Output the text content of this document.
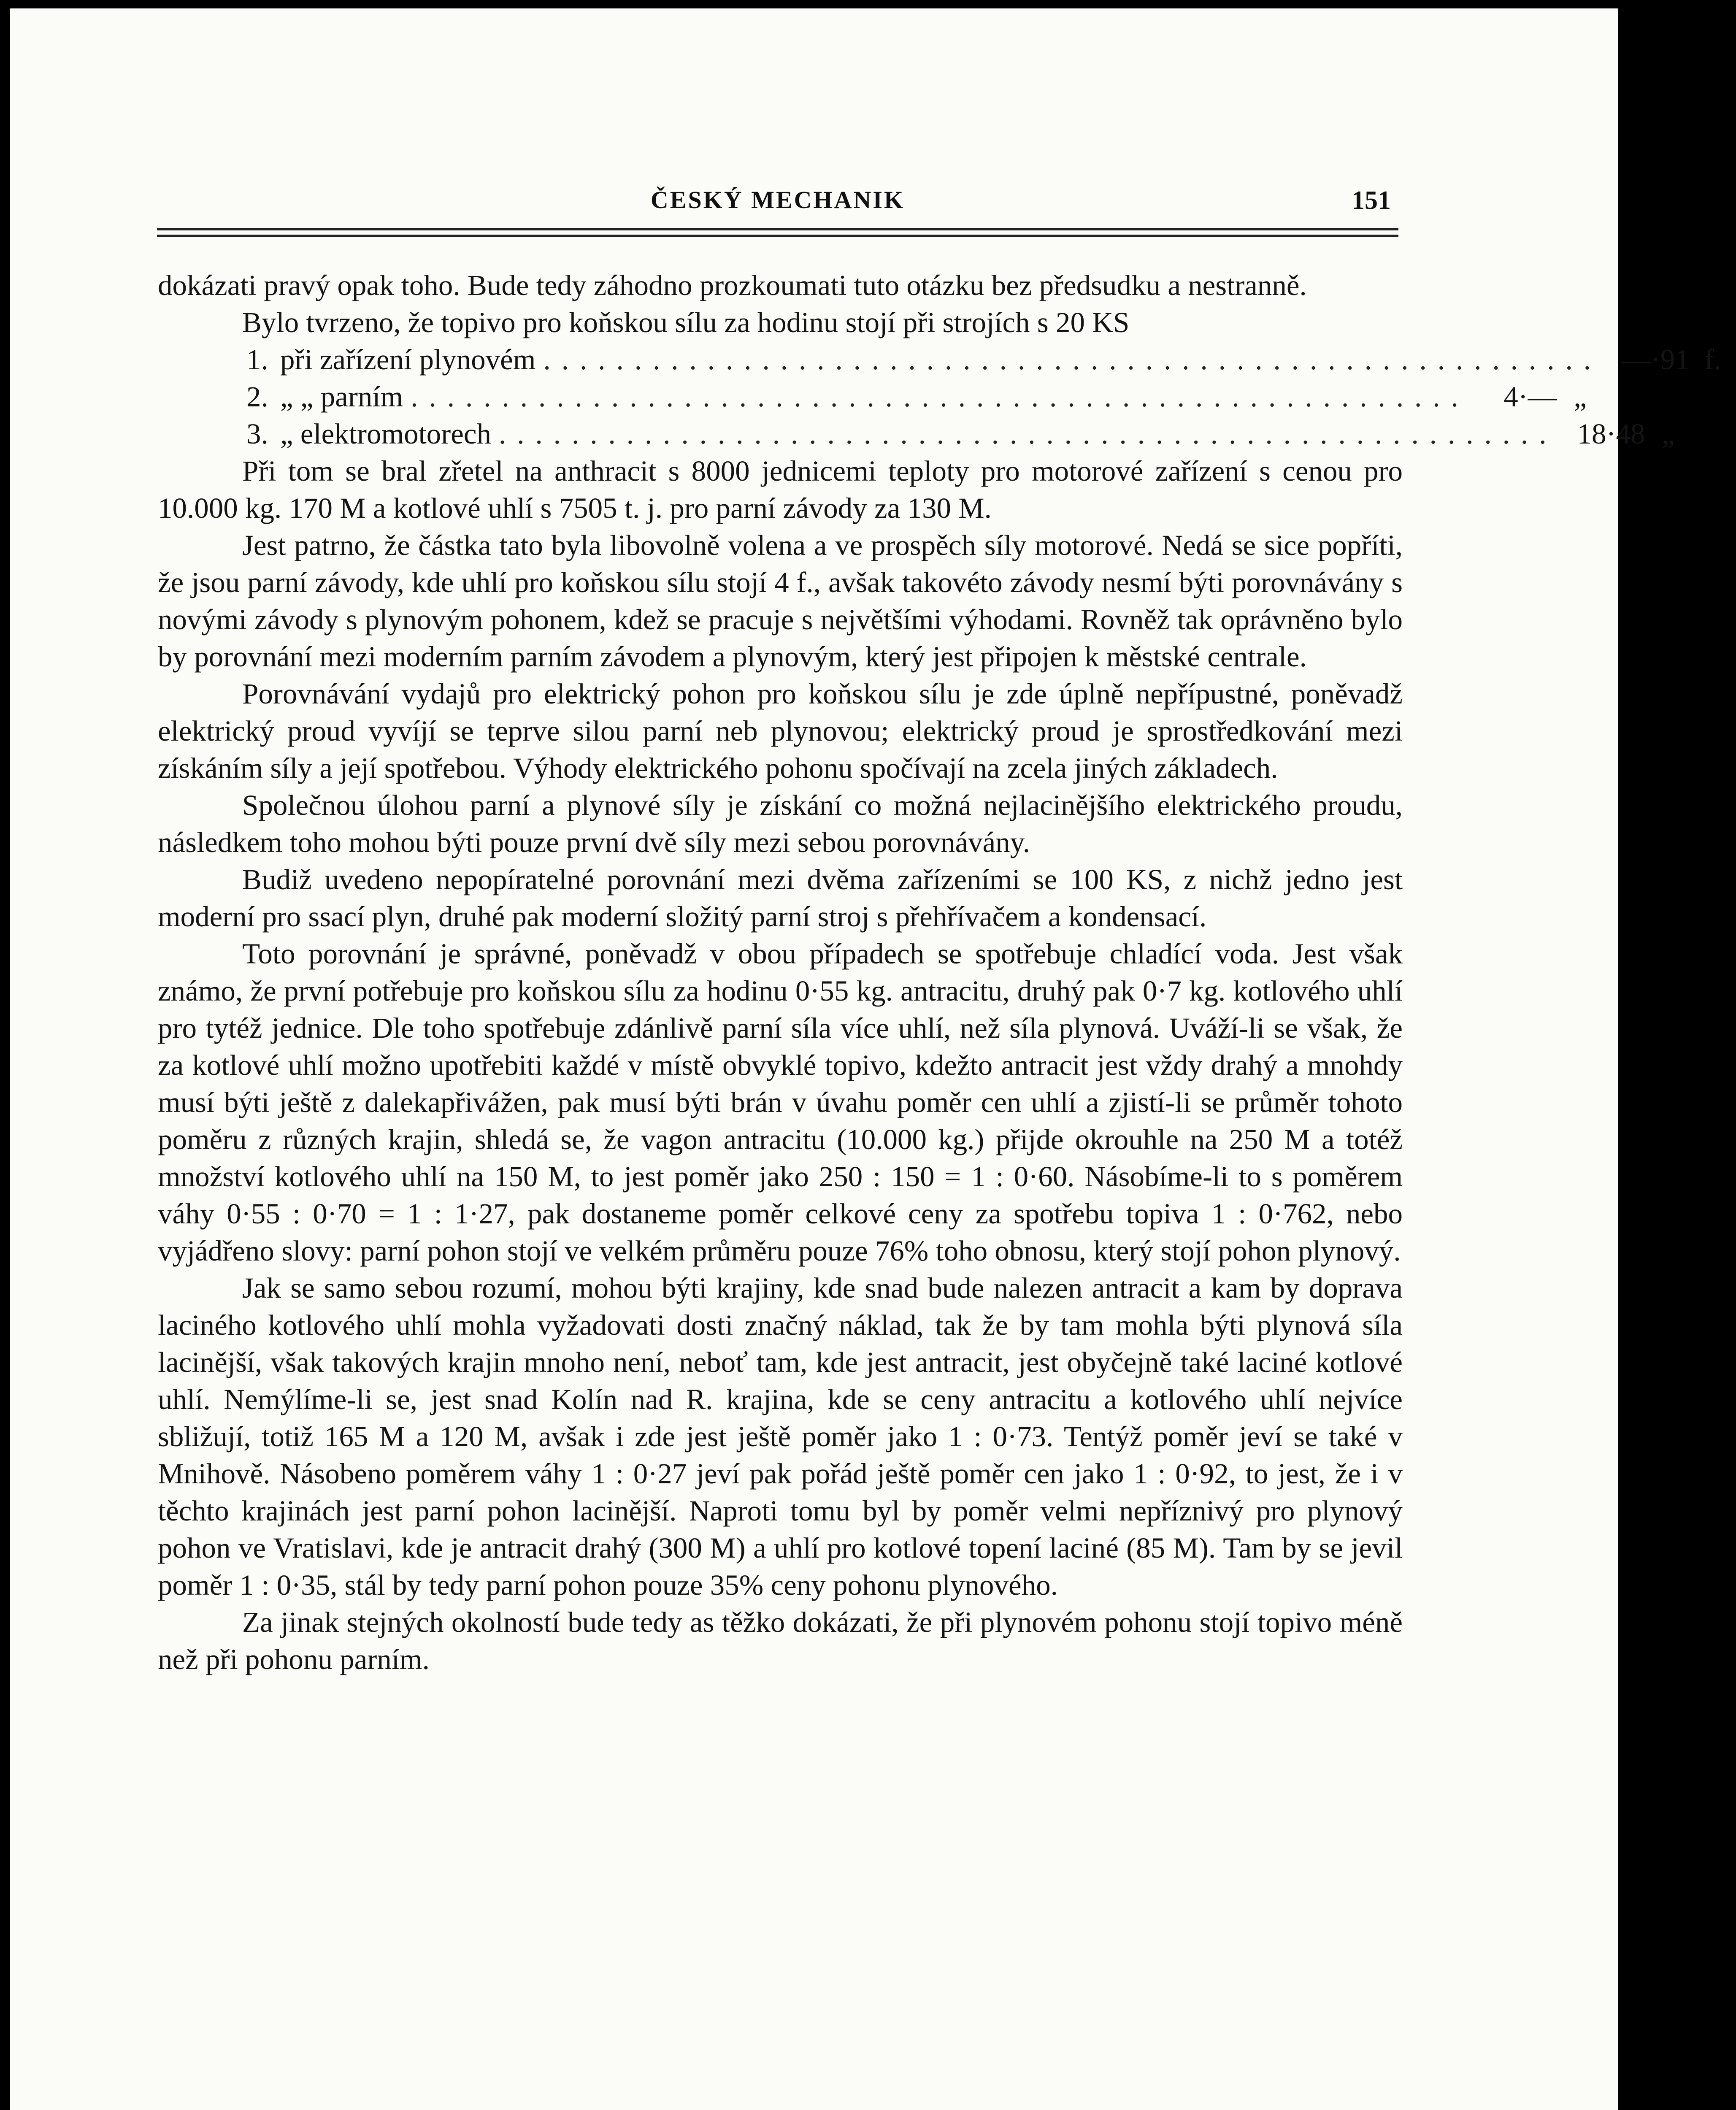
ČESKÝ MECHANIK	151

dokázati pravý opak toho. Bude tedy záhodno prozkoumati tuto otázku bez předsudku a nestranně.

Bylo tvrzeno, že topivo pro koňskou sílu za hodinu stojí při strojích s 20 KS

1. při zařízení plynovém .......................................................... —·91 f.
2. „ „ parním ..........................................................	4·— „
3. „ elektromotorech .......................................................... 18·48 „

Při tom se bral zřetel na anthracit s 8000 jednicemi teploty pro motorové zařízení s cenou pro 10.000 kg. 170 M a kotlové uhlí s 7505 t. j. pro parní závody za 130 M.

Jest patrno, že částka tato byla libovolně volena a ve prospěch síly motorové. Nedá se sice popříti, že jsou parní závody, kde uhlí pro koňskou sílu stojí 4 f., avšak takovéto závody nesmí býti porovnávány s novými závody s plynovým pohonem, kdež se pracuje s největšími výhodami. Rovněž tak oprávněno bylo by porovnání mezi moderním parním závodem a plynovým, který jest připojen k městské centrale.

Porovnávání vydajů pro elektrický pohon pro koňskou sílu je zde úplně nepřípustné, poněvadž elektrický proud vyvíjí se teprve silou parní neb plynovou; elektrický proud je sprostředkování mezi získáním síly a její spotřebou. Výhody elektrického pohonu spočívají na zcela jiných základech.

Společnou úlohou parní a plynové síly je získání co možná nejlacinějšího elektrického proudu, následkem toho mohou býti pouze první dvě síly mezi sebou porovnávány.

Budiž uvedeno nepopíratelné porovnání mezi dvěma zařízeními se 100 KS, z nichž jedno jest moderní pro ssací plyn, druhé pak moderní složitý parní stroj s přehřívačem a kondensací.

Toto porovnání je správné, poněvadž v obou případech se spotřebuje chladící voda. Jest však známo, že první potřebuje pro koňskou sílu za hodinu 0·55 kg. antracitu, druhý pak 0·7 kg. kotlového uhlí pro tytéž jednice. Dle toho spotřebuje zdánlivě parní síla více uhlí, než síla plynová. Uváží-li se však, že za kotlové uhlí možno upotřebiti každé v místě obvyklé topivo, kdežto antracit jest vždy drahý a mnohdy musí býti ještě z dalekapřivážen, pak musí býti brán v úvahu poměr cen uhlí a zjistí-li se průměr tohoto poměru z různých krajin, shledá se, že vagon antracitu (10.000 kg.) přijde okrouhle na 250 M a totéž množství kotlového uhlí na 150 M, to jest poměr jako 250 : 150 = 1 : 0·60. Násobíme-li to s poměrem váhy 0·55 : 0·70 = 1 : 1·27, pak dostaneme poměr celkové ceny za spotřebu topiva 1 : 0·762, nebo vyjádřeno slovy: parní pohon stojí ve velkém průměru pouze 76% toho obnosu, který stojí pohon plynový.

Jak se samo sebou rozumí, mohou býti krajiny, kde snad bude nalezen antracit a kam by doprava laciného kotlového uhlí mohla vyžadovati dosti značný náklad, tak že by tam mohla býti plynová síla lacinější, však takových krajin mnoho není, neboť tam, kde jest antracit, jest obyčejně také laciné kotlové uhlí. Nemýlíme-li se, jest snad Kolín nad R. krajina, kde se ceny antracitu a kotlového uhlí nejvíce sbližují, totiž 165 M a 120 M, avšak i zde jest ještě poměr jako 1 : 0·73. Tentýž poměr jeví se také v Mnihově. Násobeno poměrem váhy 1 : 0·27 jeví pak pořád ještě poměr cen jako 1 : 0·92, to jest, že i v těchto krajinách jest parní pohon lacinější. Naproti tomu byl by poměr velmi nepříznivý pro plynový pohon ve Vratislavi, kde je antracit drahý (300 M) a uhlí pro kotlové topení laciné (85 M). Tam by se jevil poměr 1 : 0·35, stál by tedy parní pohon pouze 35% ceny pohonu plynového.

Za jinak stejných okolností bude tedy as těžko dokázati, že při plynovém pohonu stojí topivo méně než při pohonu parním.
